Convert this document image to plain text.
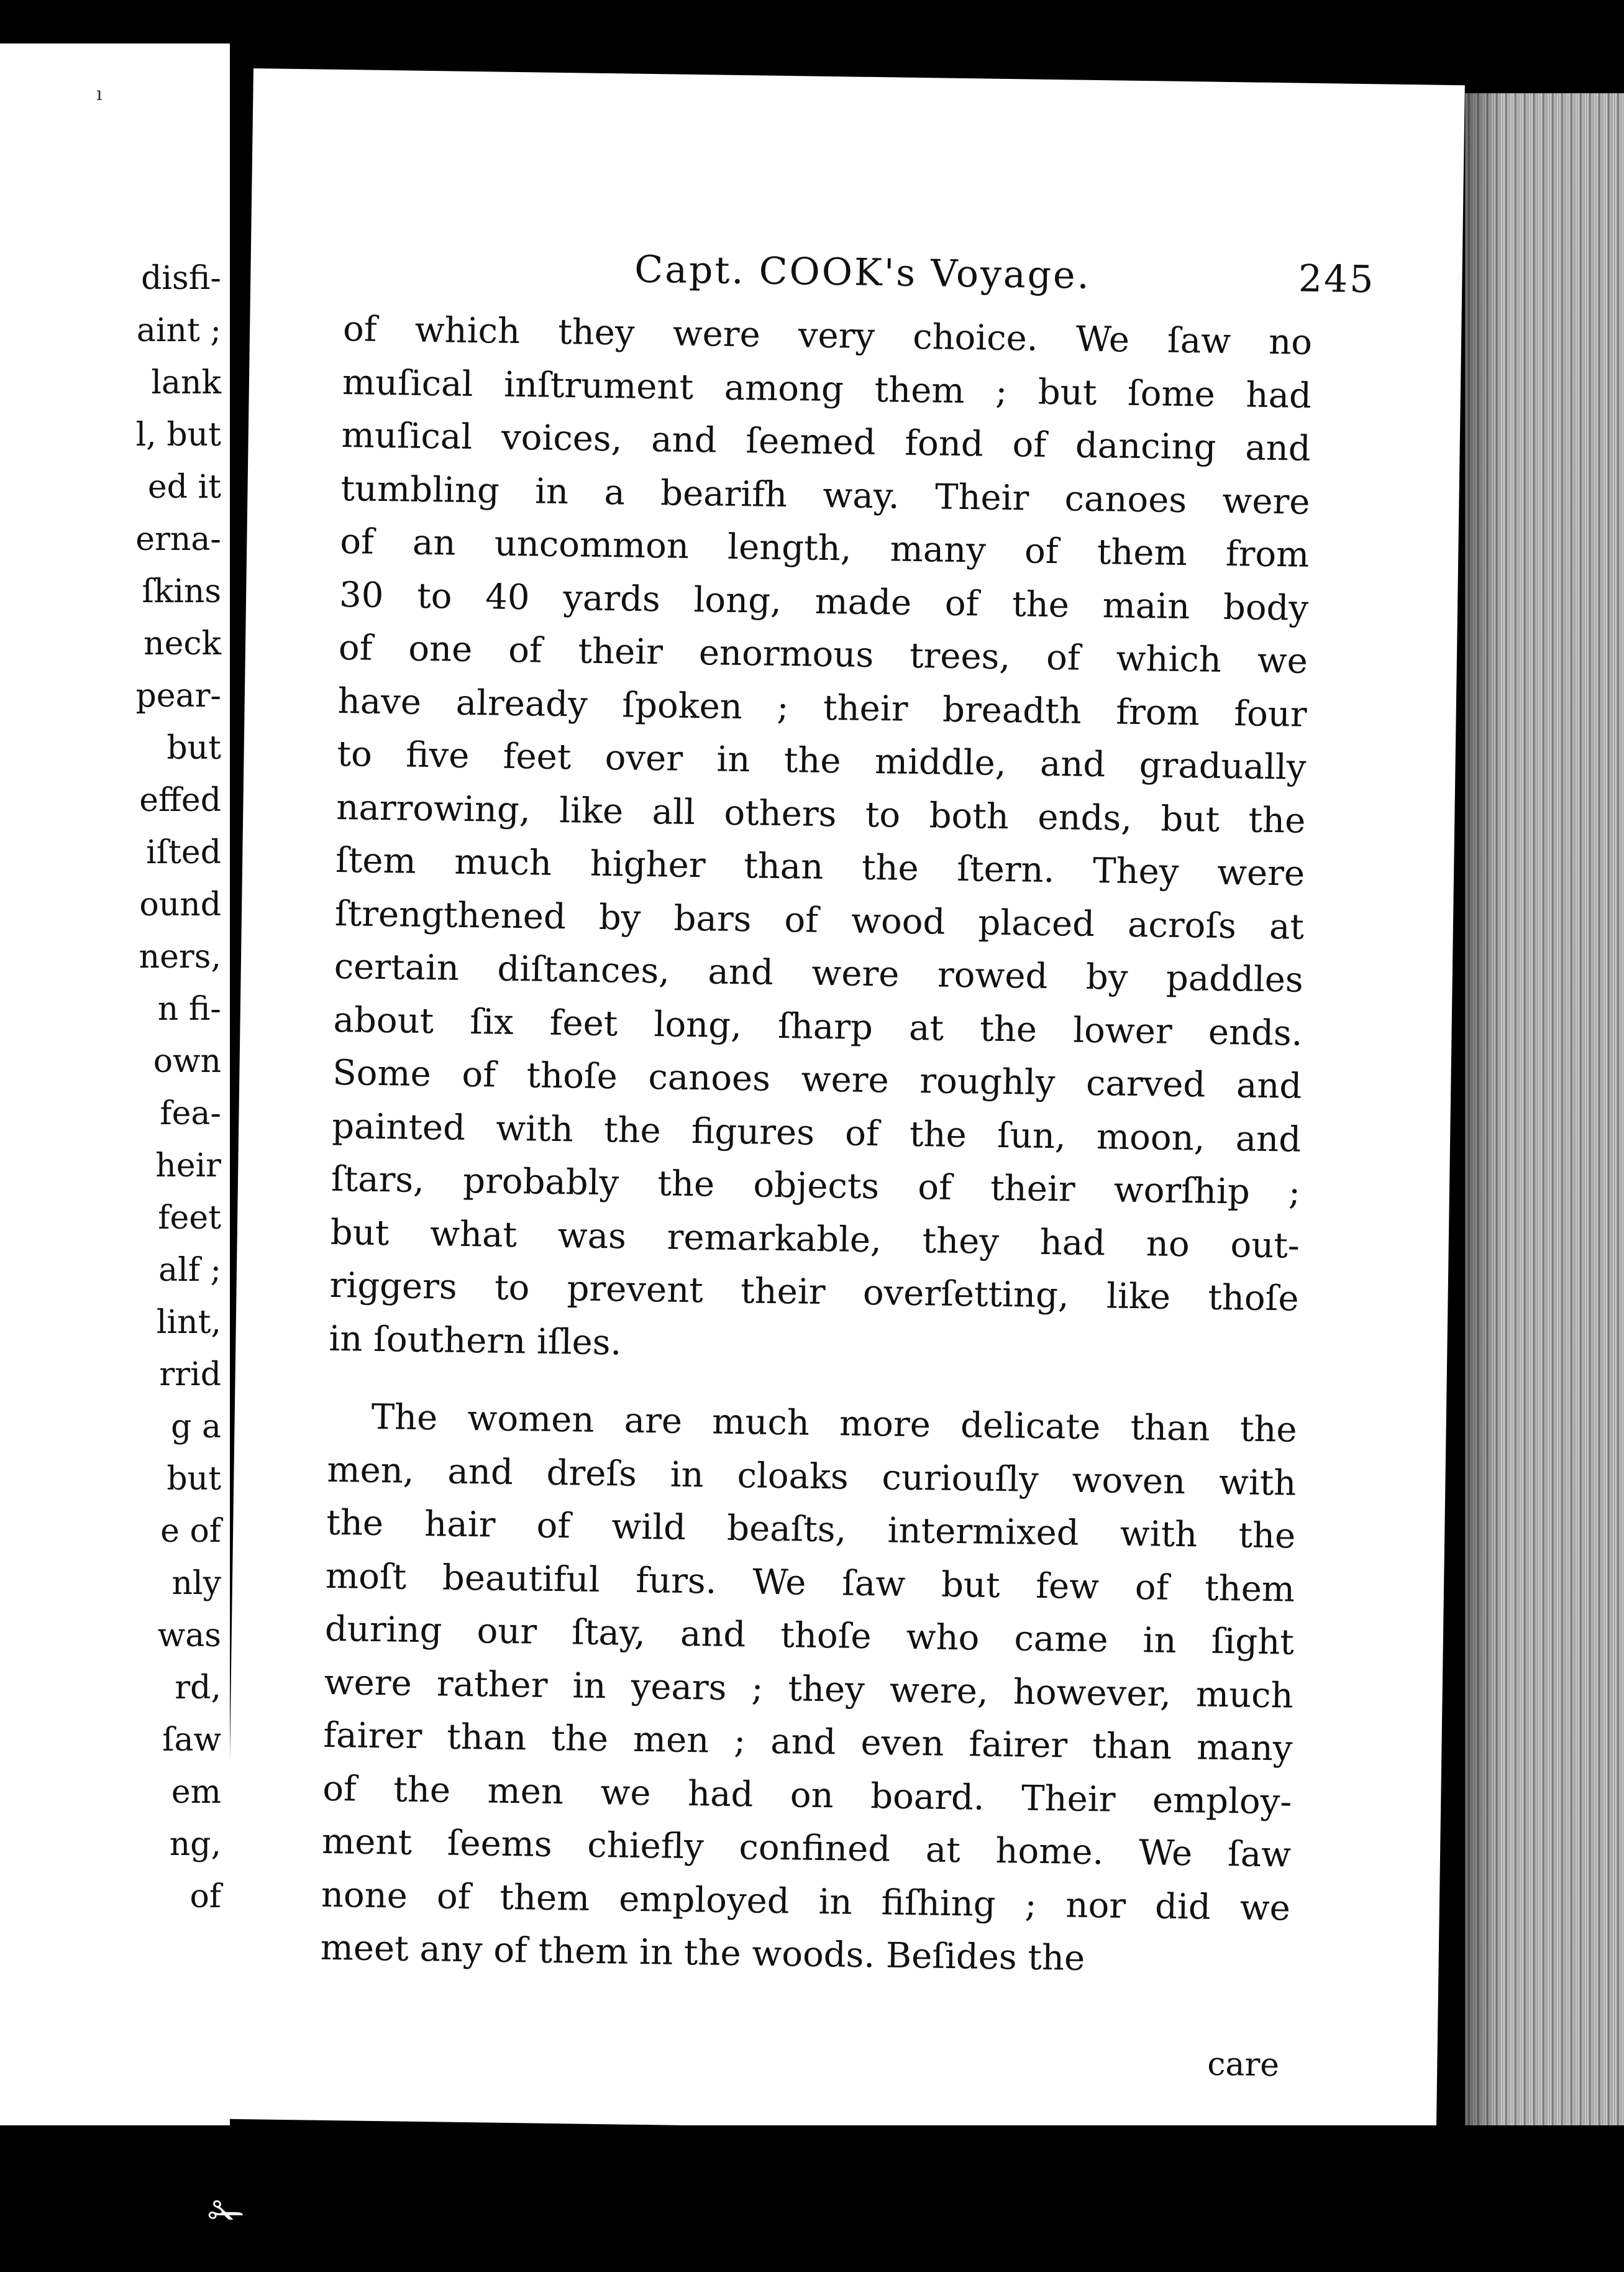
ı
disfi-
aint ;
lank
l, but
ed it
erna-
ſkins
neck
pear-
but
effed
iſted
ound
ners,
n fi-
own
fea-
heir
feet
alf ;
lint,
rrid
g a
but
e of
nly
was
rd,
ſaw
em
ng,
of
Capt. COOK's Voyage.	245
of which they were very choice. We ſaw no
muſical inſtrument among them ; but ſome had
muſical voices, and ſeemed fond of dancing and
tumbling in a bearifh way. Their canoes were
of an uncommon length, many of them from
30 to 40 yards long, made of the main body
of one of their enormous trees, of which we
have already ſpoken ; their breadth from four
to five feet over in the middle, and gradually
narrowing, like all others to both ends, but the
ſtem much higher than the ſtern. They were
ſtrengthened by bars of wood placed acroſs at
certain diſtances, and were rowed by paddles
about ſix feet long, ſharp at the lower ends.
Some of thoſe canoes were roughly carved and
painted with the figures of the ſun, moon, and
ſtars, probably the objects of their worſhip ;
but what was remarkable, they had no out-
riggers to prevent their overſetting, like thoſe
in ſouthern iſles.
The women are much more delicate than the
men, and dreſs in cloaks curiouſly woven with
the hair of wild beaſts, intermixed with the
moſt beautiful furs. We ſaw but few of them
during our ſtay, and thoſe who came in ſight
were rather in years ; they were, however, much
fairer than the men ; and even fairer than many
of the men we had on board. Their employ-
ment ſeems chiefly confined at home. We ſaw
none of them employed in fiſhing ; nor did we
meet any of them in the woods. Beſides the
care
✁
